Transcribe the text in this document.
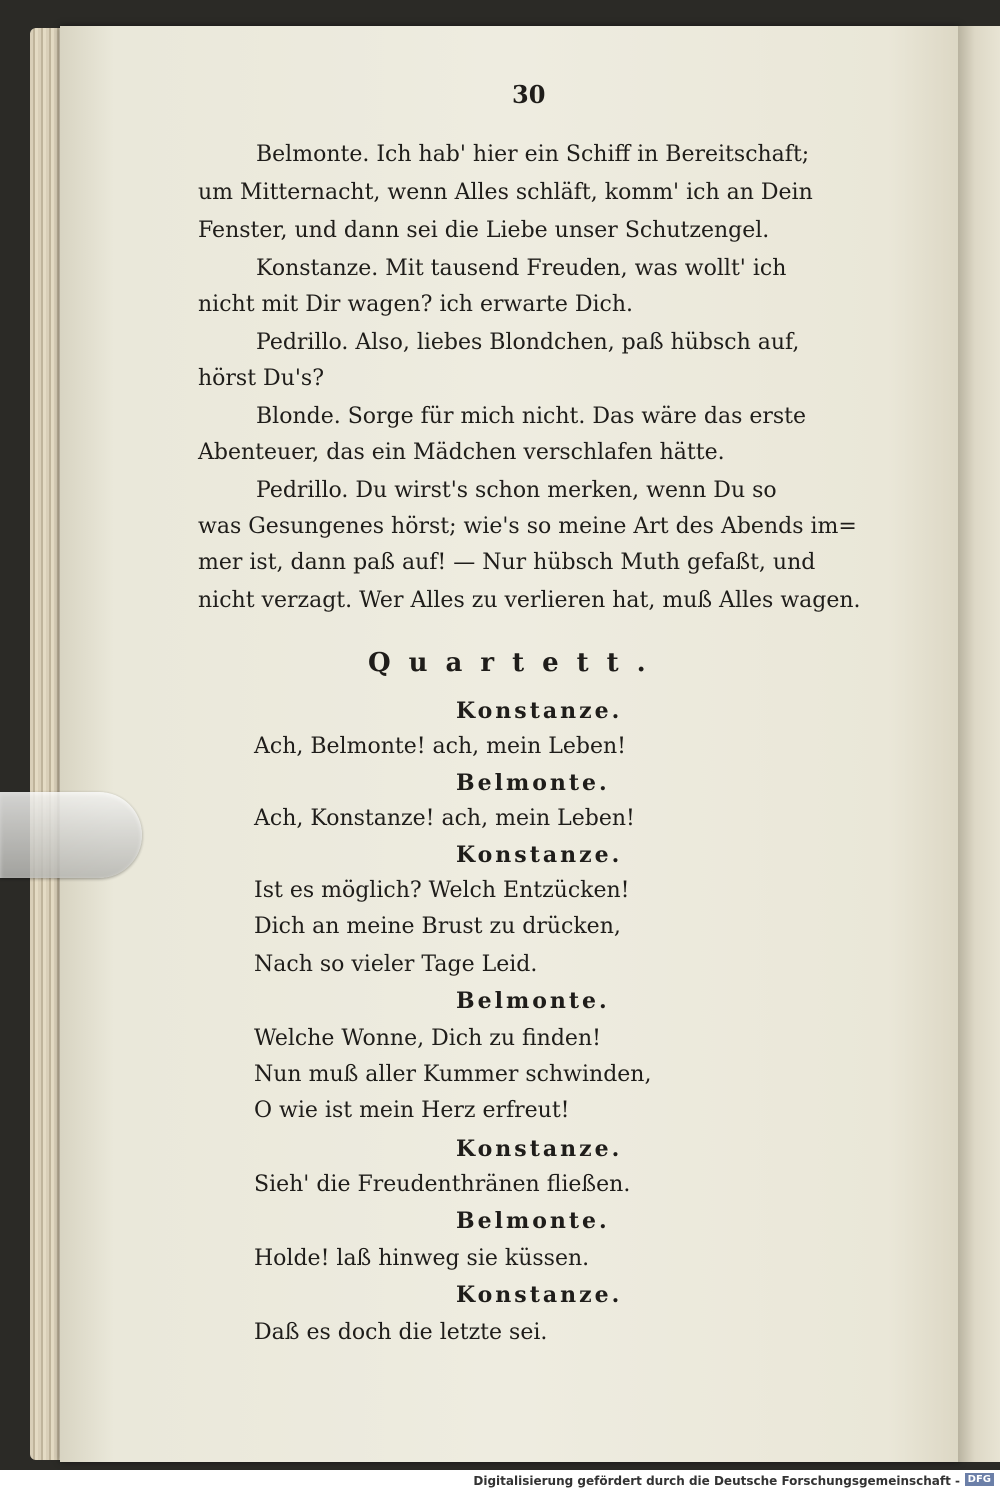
30
Belmonte. Ich hab' hier ein Schiff in Bereitschaft;
um Mitternacht, wenn Alles schläft, komm' ich an Dein
Fenster, und dann sei die Liebe unser Schutzengel.
Konstanze. Mit tausend Freuden, was wollt' ich
nicht mit Dir wagen? ich erwarte Dich.
Pedrillo. Also, liebes Blondchen, paß hübsch auf,
hörst Du's?
Blonde. Sorge für mich nicht. Das wäre das erste
Abenteuer, das ein Mädchen verschlafen hätte.
Pedrillo. Du wirst's schon merken, wenn Du so
was Gesungenes hörst; wie's so meine Art des Abends im=
mer ist, dann paß auf! — Nur hübsch Muth gefaßt, und
nicht verzagt. Wer Alles zu verlieren hat, muß Alles wagen.
Quartett.
Konstanze.
Ach, Belmonte! ach, mein Leben!
Belmonte.
Ach, Konstanze! ach, mein Leben!
Konstanze.
Ist es möglich? Welch Entzücken!
Dich an meine Brust zu drücken,
Nach so vieler Tage Leid.
Belmonte.
Welche Wonne, Dich zu finden!
Nun muß aller Kummer schwinden,
O wie ist mein Herz erfreut!
Konstanze.
Sieh' die Freudenthränen fließen.
Belmonte.
Holde! laß hinweg sie küssen.
Konstanze.
Daß es doch die letzte sei.
Digitalisierung gefördert durch die Deutsche Forschungsgemeinschaft - DFG
